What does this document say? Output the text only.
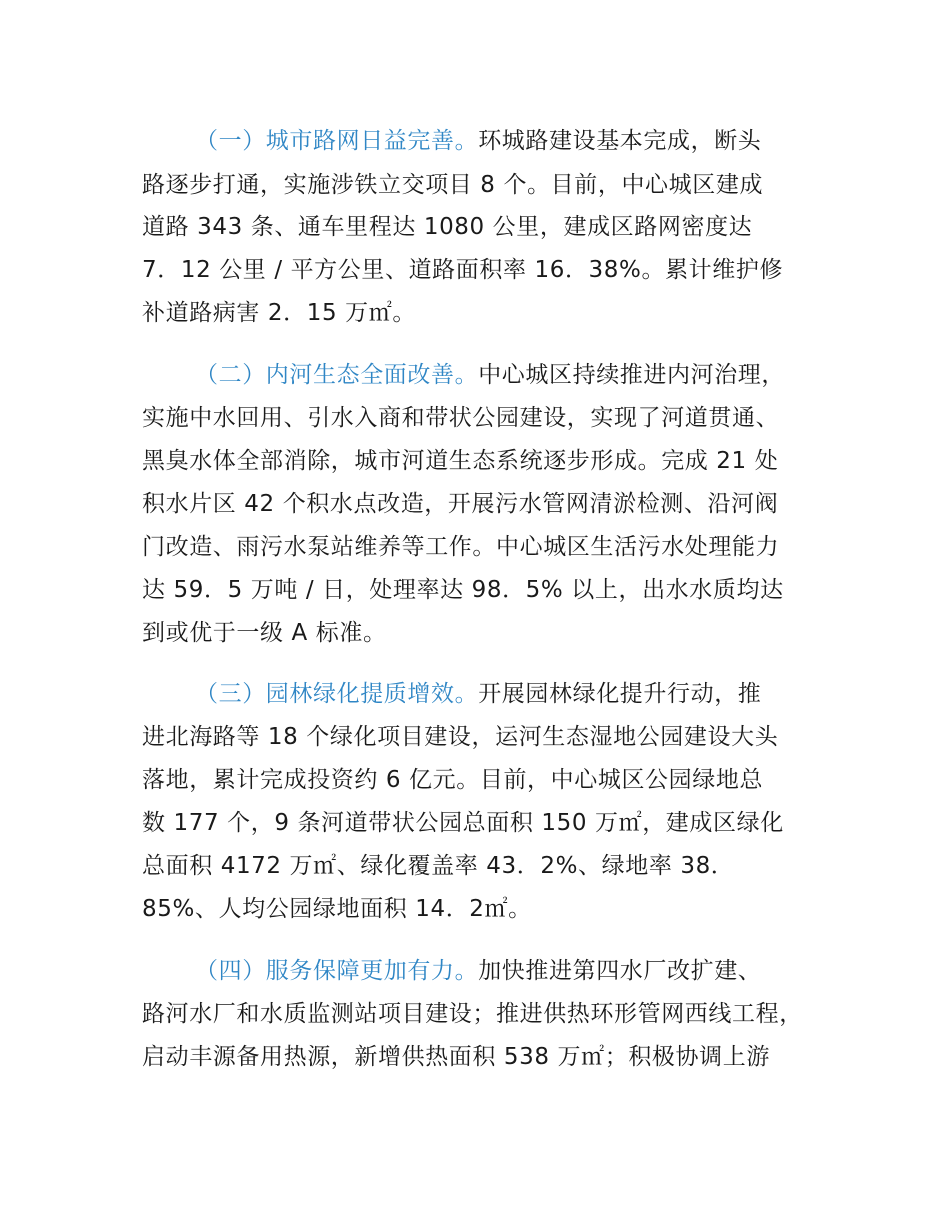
（一）城市路网日益完善。环城路建设基本完成，断头
路逐步打通，实施涉铁立交项目 8 个。目前，中心城区建成
道路 343 条、通车里程达 1080 公里，建成区路网密度达
7．12 公里 / 平方公里、道路面积率 16．38%。累计维护修
补道路病害 2．15 万㎡。
（二）内河生态全面改善。中心城区持续推进内河治理，
实施中水回用、引水入商和带状公园建设，实现了河道贯通、
黑臭水体全部消除，城市河道生态系统逐步形成。完成 21 处
积水片区 42 个积水点改造，开展污水管网清淤检测、沿河阀
门改造、雨污水泵站维养等工作。中心城区生活污水处理能力
达 59．5 万吨 / 日，处理率达 98．5% 以上，出水水质均达
到或优于一级 A 标准。
（三）园林绿化提质增效。开展园林绿化提升行动，推
进北海路等 18 个绿化项目建设，运河生态湿地公园建设大头
落地，累计完成投资约 6 亿元。目前，中心城区公园绿地总
数 177 个，9 条河道带状公园总面积 150 万㎡，建成区绿化
总面积 4172 万㎡、绿化覆盖率 43．2%、绿地率 38．
85%、人均公园绿地面积 14．2㎡。
（四）服务保障更加有力。加快推进第四水厂改扩建、
路河水厂和水质监测站项目建设；推进供热环形管网西线工程，
启动丰源备用热源，新增供热面积 538 万㎡；积极协调上游
